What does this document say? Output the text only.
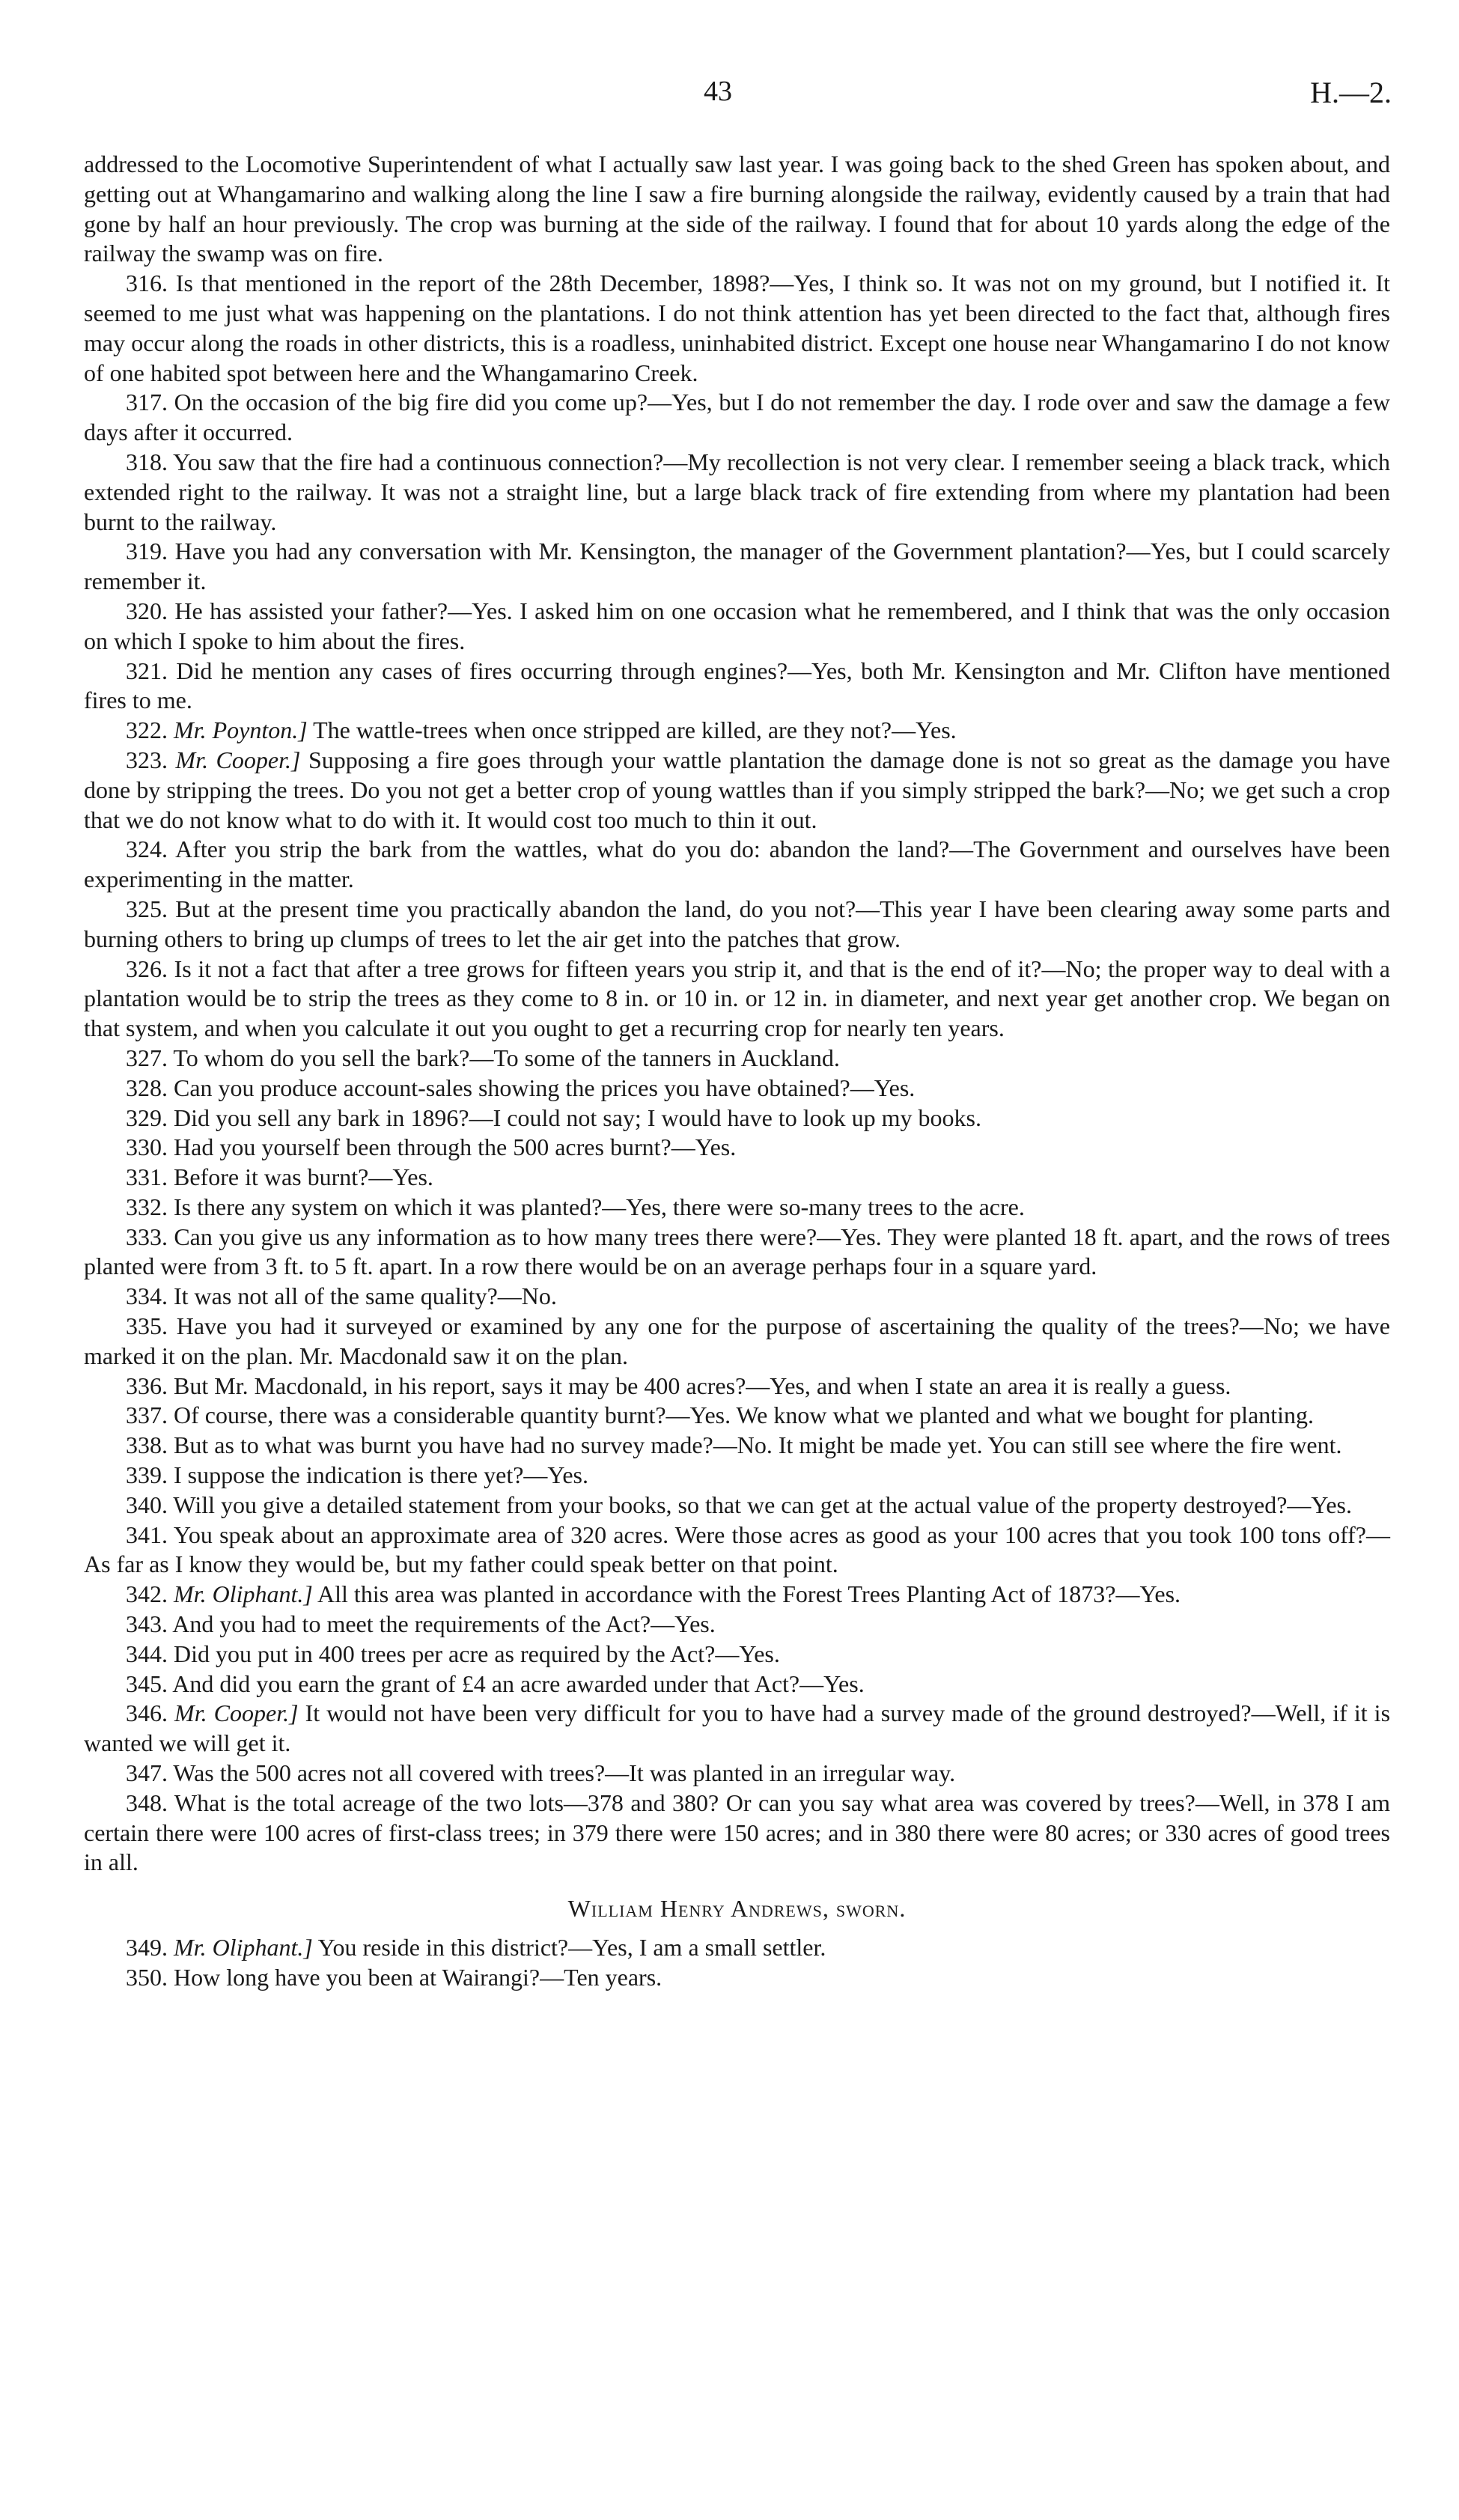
43	H.—2.

addressed to the Locomotive Superintendent of what I actually saw last year. I was going back to the shed Green has spoken about, and getting out at Whangamarino and walking along the line I saw a fire burning alongside the railway, evidently caused by a train that had gone by half an hour previously. The crop was burning at the side of the railway. I found that for about 10 yards along the edge of the railway the swamp was on fire.

316. Is that mentioned in the report of the 28th December, 1898?—Yes, I think so. It was not on my ground, but I notified it. It seemed to me just what was happening on the plantations. I do not think attention has yet been directed to the fact that, although fires may occur along the roads in other districts, this is a roadless, uninhabited district. Except one house near Whangamarino I do not know of one habited spot between here and the Whangamarino Creek.

317. On the occasion of the big fire did you come up?—Yes, but I do not remember the day. I rode over and saw the damage a few days after it occurred.

318. You saw that the fire had a continuous connection?—My recollection is not very clear. I remember seeing a black track, which extended right to the railway. It was not a straight line, but a large black track of fire extending from where my plantation had been burnt to the railway.

319. Have you had any conversation with Mr. Kensington, the manager of the Government plantation?—Yes, but I could scarcely remember it.

320. He has assisted your father?—Yes. I asked him on one occasion what he remembered, and I think that was the only occasion on which I spoke to him about the fires.

321. Did he mention any cases of fires occurring through engines?—Yes, both Mr. Kensington and Mr. Clifton have mentioned fires to me.

322. Mr. Poynton.] The wattle-trees when once stripped are killed, are they not?—Yes.

323. Mr. Cooper.] Supposing a fire goes through your wattle plantation the damage done is not so great as the damage you have done by stripping the trees. Do you not get a better crop of young wattles than if you simply stripped the bark?—No; we get such a crop that we do not know what to do with it. It would cost too much to thin it out.

324. After you strip the bark from the wattles, what do you do: abandon the land?—The Government and ourselves have been experimenting in the matter.

325. But at the present time you practically abandon the land, do you not?—This year I have been clearing away some parts and burning others to bring up clumps of trees to let the air get into the patches that grow.

326. Is it not a fact that after a tree grows for fifteen years you strip it, and that is the end of it?—No; the proper way to deal with a plantation would be to strip the trees as they come to 8 in. or 10 in. or 12 in. in diameter, and next year get another crop. We began on that system, and when you calculate it out you ought to get a recurring crop for nearly ten years.

327. To whom do you sell the bark?—To some of the tanners in Auckland.

328. Can you produce account-sales showing the prices you have obtained?—Yes.

329. Did you sell any bark in 1896?—I could not say; I would have to look up my books.

330. Had you yourself been through the 500 acres burnt?—Yes.

331. Before it was burnt?—Yes.

332. Is there any system on which it was planted?—Yes, there were so-many trees to the acre.

333. Can you give us any information as to how many trees there were?—Yes. They were planted 18 ft. apart, and the rows of trees planted were from 3 ft. to 5 ft. apart. In a row there would be on an average perhaps four in a square yard.

334. It was not all of the same quality?—No.

335. Have you had it surveyed or examined by any one for the purpose of ascertaining the quality of the trees?—No; we have marked it on the plan. Mr. Macdonald saw it on the plan.

336. But Mr. Macdonald, in his report, says it may be 400 acres?—Yes, and when I state an area it is really a guess.

337. Of course, there was a considerable quantity burnt?—Yes. We know what we planted and what we bought for planting.

338. But as to what was burnt you have had no survey made?—No. It might be made yet. You can still see where the fire went.

339. I suppose the indication is there yet?—Yes.

340. Will you give a detailed statement from your books, so that we can get at the actual value of the property destroyed?—Yes.

341. You speak about an approximate area of 320 acres. Were those acres as good as your 100 acres that you took 100 tons off?—As far as I know they would be, but my father could speak better on that point.

342. Mr. Oliphant.] All this area was planted in accordance with the Forest Trees Planting Act of 1873?—Yes.

343. And you had to meet the requirements of the Act?—Yes.

344. Did you put in 400 trees per acre as required by the Act?—Yes.

345. And did you earn the grant of £4 an acre awarded under that Act?—Yes.

346. Mr. Cooper.] It would not have been very difficult for you to have had a survey made of the ground destroyed?—Well, if it is wanted we will get it.

347. Was the 500 acres not all covered with trees?—It was planted in an irregular way.

348. What is the total acreage of the two lots—378 and 380? Or can you say what area was covered by trees?—Well, in 378 I am certain there were 100 acres of first-class trees; in 379 there were 150 acres; and in 380 there were 80 acres; or 330 acres of good trees in all.

William Henry Andrews, sworn.

349. Mr. Oliphant.] You reside in this district?—Yes, I am a small settler.

350. How long have you been at Wairangi?—Ten years.
